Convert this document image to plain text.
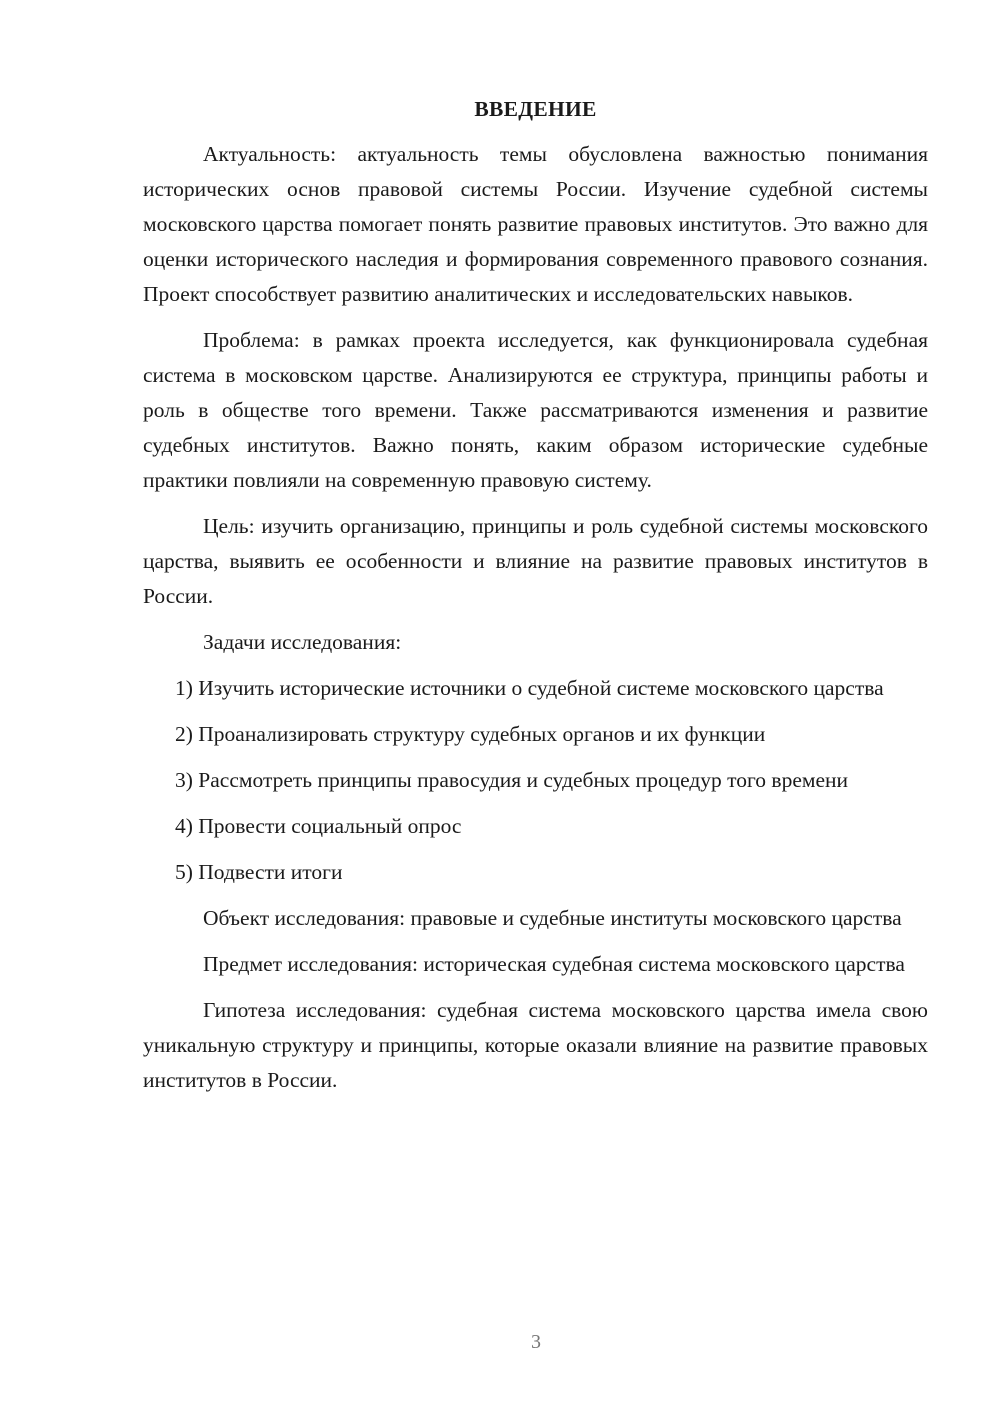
ВВЕДЕНИЕ

Актуальность: актуальность темы обусловлена важностью понимания исторических основ правовой системы России. Изучение судебной системы московского царства помогает понять развитие правовых институтов. Это важно для оценки исторического наследия и формирования современного правового сознания. Проект способствует развитию аналитических и исследовательских навыков.

Проблема: в рамках проекта исследуется, как функционировала судебная система в московском царстве. Анализируются ее структура, принципы работы и роль в обществе того времени. Также рассматриваются изменения и развитие судебных институтов. Важно понять, каким образом исторические судебные практики повлияли на современную правовую систему.

Цель: изучить организацию, принципы и роль судебной системы московского царства, выявить ее особенности и влияние на развитие правовых институтов в России.

Задачи исследования:

1) Изучить исторические источники о судебной системе московского царства

2) Проанализировать структуру судебных органов и их функции

3) Рассмотреть принципы правосудия и судебных процедур того времени

4) Провести социальный опрос

5) Подвести итоги

Объект исследования: правовые и судебные институты московского царства

Предмет исследования: историческая судебная система московского царства

Гипотеза исследования: судебная система московского царства имела свою уникальную структуру и принципы, которые оказали влияние на развитие правовых институтов в России.

3
